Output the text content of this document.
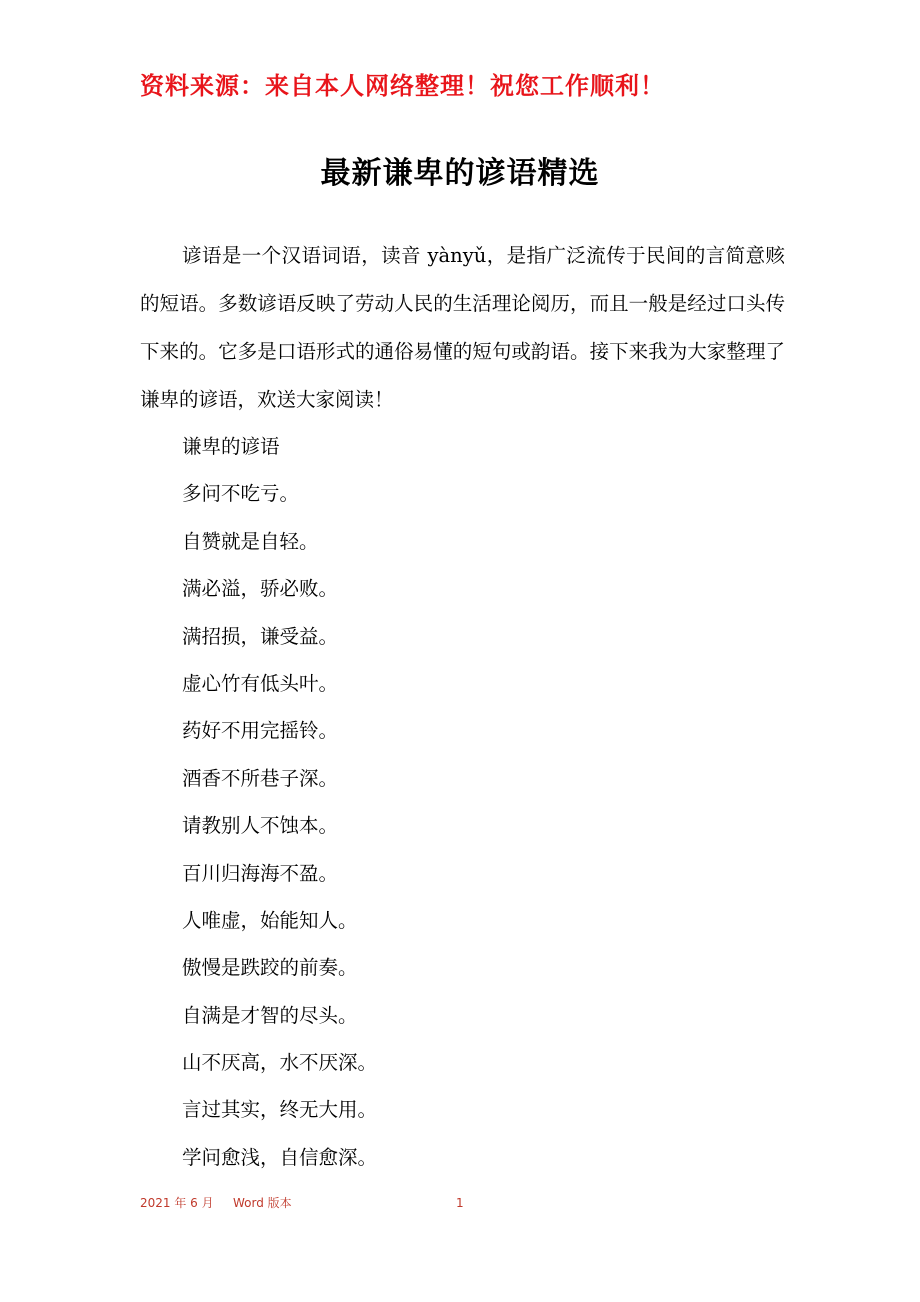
资料来源：来自本人网络整理！祝您工作顺利！
最新谦卑的谚语精选

谚语是一个汉语词语，读音 yànyǔ，是指广泛流传于民间的言简意赅的短语。多数谚语反映了劳动人民的生活理论阅历，而且一般是经过口头传下来的。它多是口语形式的通俗易懂的短句或韵语。接下来我为大家整理了谦卑的谚语，欢送大家阅读！

谦卑的谚语
多问不吃亏。
自赞就是自轻。
满必溢，骄必败。
满招损，谦受益。
虚心竹有低头叶。
药好不用完摇铃。
酒香不所巷子深。
请教别人不蚀本。
百川归海海不盈。
人唯虚，始能知人。
傲慢是跌跤的前奏。
自满是才智的尽头。
山不厌高，水不厌深。
言过其实，终无大用。
学问愈浅，自信愈深。
2021 年 6 月 Word 版本	1
